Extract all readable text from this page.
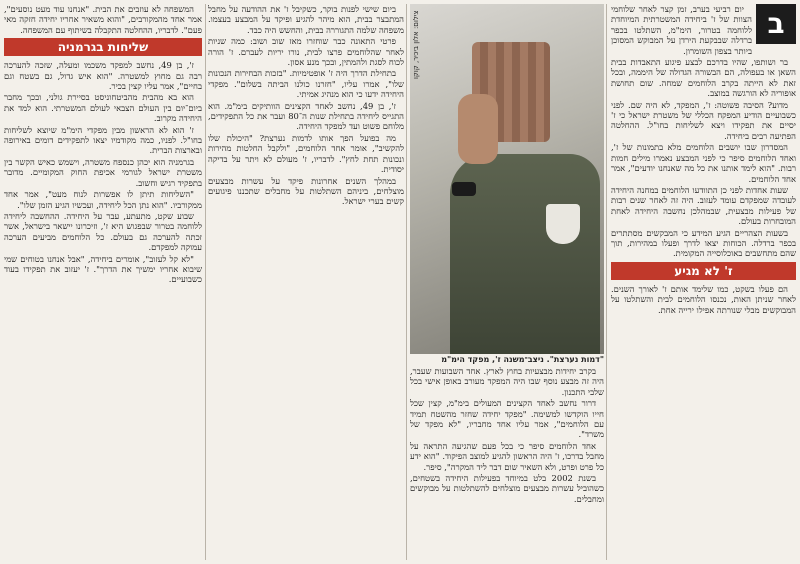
ב

יום רביעי בערב, זמן קצר לאחר שלוחמי הצוות של ז' ביחידה המשטרתית המיוחדת ללוחמה בטרור, הימ"מ, השתלטו בכפר ברדלה שבבקעת הירדן על המבוקש המסוכן ביותר בצפון השומרון.

בר ושותפו, שהיו בדרכם לבצע פיגוע התאבדות בבית השאן או בעפולה, הם הבשורה הגדולה של היממה, ובכל זאת לא הייתה בקרב הלוחמים שמחה. שום תחושת אופוריה לא הורגשה במוצב.

מדוע? הסיבה פשוטה: ז', המפקד, לא היה שם. לפני כשבועיים הודיע המפקח הכללי של משטרת ישראל כי ז' יסיים את תפקידו ויצא לשליחות בחו"ל. ההחלטה הפתיעה רבים ביחידה.

המסדרון שבו יושבים הלוחמים מלא בתמונות של ז', ואחד הלוחמים סיפר כי לפני המבצע נאמרו מילים חמות רבות. "הוא לימד אותנו את כל מה שאנחנו יודעים", אמר אחד הלוחמים.

שעות אחדות לפני כן התוודעו הלוחמים במחנה היחידה לעובדה שמפקדם עומד לעזוב. היה זה לאחר שנים רבות של פעילות מבצעית, שבמהלכן נחשבה היחידה לאחת המובחרות בעולם.

בשעות הצהריים הגיע המידע כי המבקשים מסתתרים בכפר ברדלה. הכוחות יצאו לדרך ופעלו במהירות, תוך שהם מתחשבים באוכלוסייה המקומית.

ז' לא מגיע

הם פעלו בשקט, כמו שלימד אותם ז' לאורך השנים. לאחר שניתן האות, נכנסו הלוחמים לבית והשתלטו על המבוקשים מבלי שנורתה אפילו ירייה אחת.

צילום: אלון ביכיר, קוקו
"דמות נערצת". ניצב־משנה ז', מפקד הימ"מ

בקרב יחידות מבצעיות בחוץ לארץ. אחד השבועות שעבר, היה זה מבצע נוסף שבו היה המפקד מעורב באופן אישי בכל שלבי התכנון.

דרור נחשב לאחד הקצינים המעולים בימ"מ, קצין שכל חייו הוקדשו למשימה. "מפקד יחידה שחזר מהשטח תמיד עם הלוחמים", אמר עליו אחד מחבריו, "לא מפקד של משרד".

אחד הלוחמים סיפר כי בכל פעם שהגיעה התראה על מחבל בדרכו, ז' היה הראשון להגיע למוצב הפיקוד. "הוא ידע כל פרט ופרט, ולא השאיר שום דבר ליד המקרה", סיפר.

בשנת 2002 בלט במיוחד בפעילות היחידה בשטחים, כשהוביל עשרות מבצעים מוצלחים להשתלטות על מבוקשים ומחבלים.

ביום שישי לפנות בוקר, כשקיבל ז' את ההודעה על מחבל המתבצר בבית, הוא מיהר להגיע ופיקד על המבצע בעצמו. משפחה שלמה התגוררה בבית, והחשש היה כבד.

פרטי התאונה כבר שוחזרו מאז שוב ושוב: כמה שניות לאחר שהלוחמים פרצו לבית, נורו יריות לעברם. ז' הורה לכוח לסגת ולהמתין, ובכך מנע אסון.

בתחילת הדרך היה ז' אופטימיות. "בזכות הבחירות הנכונות שלו", אמרו עליו, "חזרנו כולנו הביתה בשלום". מפקדי היחידה ידעו כי הוא מנהיג אמיתי.

ז', בן 49, נחשב לאחד הקצינים הוותיקים בימ"מ. הוא התגייס ליחידה בתחילת שנות ה־80 ועבר את כל התפקידים, מלוחם פשוט ועד למפקד היחידה.

מה בפועל הפך אותו לדמות נערצת? "היכולת שלו להקשיב", אומר אחד הלוחמים, "ולקבל החלטות מהירות ונכונות תחת לחץ". לדבריו, ז' מעולם לא ויתר על בדיקה יסודית.

במהלך השנים אחרונות פיקד על עשרות מבצעים מוצלחים, ביניהם השתלטות על מחבלים שתכננו פיגועים קשים בערי ישראל.

המשפחה לא עוזבים את הבית. "אנחנו עוד מעט נוסעים", אמר אחד מהמקורבים, "והוא משאיר אחריו יחידה חזקה מאי פעם". לדבריו, ההחלטה התקבלה בשיתוף עם המשפחה.

שליחות בגרמניה

ז', בן 49, נחשב למפקד משכמו ומעלה, שזכה להערכה רבה גם מחוץ למשטרה. "הוא איש גדול, גם בשטח וגם בחיים", אמר עליו קצין בכיר.

הוא בא מהבית מהביטחוניסט בסיירת גולני, ובכך מחבר ביום־יום בין העולם הצבאי לעולם המשטרתי. הוא למד את היחידה מקרוב.

ז' הוא לא הראשון מבין מפקדי הימ"מ שיוצא לשליחות בחו"ל. לפניו, כמה מקודמיו יצאו לתפקידים דומים באירופה ובארצות הברית.

בגרמניה הוא יכהן כנספח משטרה, וישמש כאיש הקשר בין משטרת ישראל לגורמי אכיפת החוק המקומיים. מדובר בתפקיד רגיש וחשוב.

"השליחות תיתן לו אפשרות לנוח מעט", אמר אחד ממקורביו. "הוא נתן הכל ליחידה, ועכשיו הגיע הזמן שלו".

שבוע שקט, מתעתע, עבר על היחידה. ההחשבה ליחידה ללוחמה בטרור שבפגוש היא ז', וזיכרונו יישאר בישראל, אשר זכתה להערכה גם בעולם. כל הלוחמים מביעים הערכה עמוקה למפקדם.

"לא קל לעזוב", אומרים ביחידה, "אבל אנחנו בטוחים שמי שיבוא אחריו ימשיך את הדרך". ז' יעזוב את תפקידו בעוד כשבועיים.
